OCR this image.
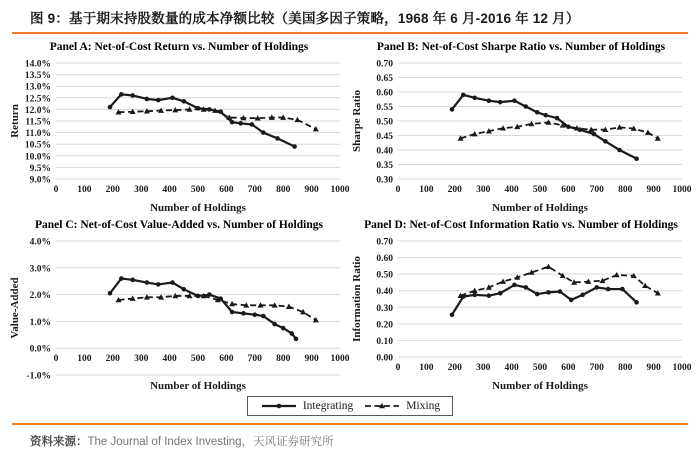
图 9：基于期末持股数量的成本净额比较（美国多因子策略，1968 年 6 月-2016 年 12 月）
Panel A: Net-of-Cost Return vs. Number of Holdings
9.0%
9.5%
10.0%
10.5%
11.0%
11.5%
12.0%
12.5%
13.0%
13.5%
14.0%
0 100 200 300 400 500 600 700 800 900 1000
Number of Holdings
Return
Panel B: Net-of-Cost Sharpe Ratio vs. Number of Holdings
0.30
0.35
0.40
0.45
0.50
0.55
0.60
0.65
0.70
0 100 200 300 400 500 600 700 800 900 1000
Number of Holdings
Sharpe Ratio
Panel C: Net-of-Cost Value-Added vs. Number of Holdings
-1.0%
0.0%
1.0%
2.0%
3.0%
4.0%
0 100 200 300 400 500 600 700 800 900 1000
Number of Holdings
Value-Added
Panel D: Net-of-Cost Information Ratio vs. Number of Holdings
0.00
0.10
0.20
0.30
0.40
0.50
0.60
0.70
0 100 200 300 400 500 600 700 800 900 1000
Number of Holdings
Information Ratio
Integrating	Mixing
资料来源：The Journal of Index Investing，天风证券研究所
